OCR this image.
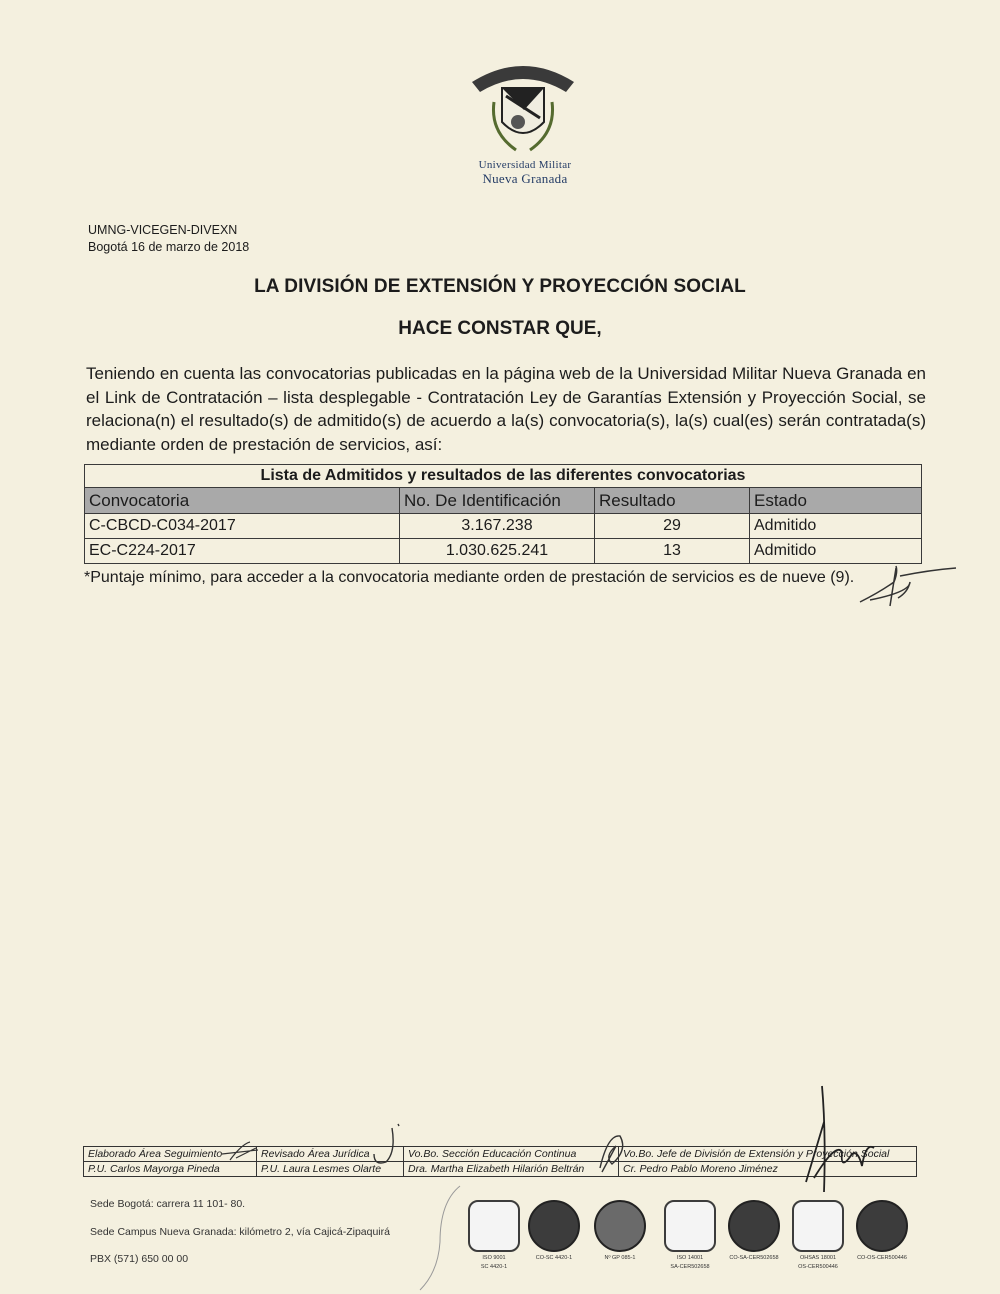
Universidad Militar
Nueva Granada
UMNG-VICEGEN-DIVEXN
Bogotá 16 de marzo de 2018
LA DIVISIÓN DE EXTENSIÓN Y PROYECCIÓN SOCIAL
HACE CONSTAR QUE,
Teniendo en cuenta las convocatorias publicadas en la página web de la Universidad Militar Nueva Granada en el Link de Contratación – lista desplegable - Contratación Ley de Garantías Extensión y Proyección Social, se relaciona(n) el resultado(s) de admitido(s) de acuerdo a la(s) convocatoria(s), la(s) cual(es) serán contratada(s) mediante orden de prestación de servicios, así:
Lista de Admitidos y resultados de las diferentes convocatorias			
Convocatoria	No. De Identificación	Resultado	Estado
C-CBCD-C034-2017	3.167.238	29	Admitido
EC-C224-2017	1.030.625.241	13	Admitido
*Puntaje mínimo, para acceder a la convocatoria mediante orden de prestación de servicios es de nueve (9).
Elaborado Área Seguimiento	Revisado Área Jurídica	Vo.Bo. Sección Educación Continua	Vo.Bo. Jefe de División de Extensión y Proyección Social
P.U. Carlos Mayorga Pineda	P.U. Laura Lesmes Olarte	Dra. Martha Elizabeth Hilarión Beltrán	Cr. Pedro Pablo Moreno Jiménez
Sede Bogotá: carrera 11 101- 80.
Sede Campus Nueva Granada: kilómetro 2, vía Cajicá-Zipaquirá
PBX (571) 650 00 00	ISO 9001
SC 4420-1
CO-SC 4420-1	Nº GP 085-1	ISO 14001
SA-CER502658
CO-SA-CER502658	OHSAS 18001
OS-CER500446
CO-OS-CER500446
